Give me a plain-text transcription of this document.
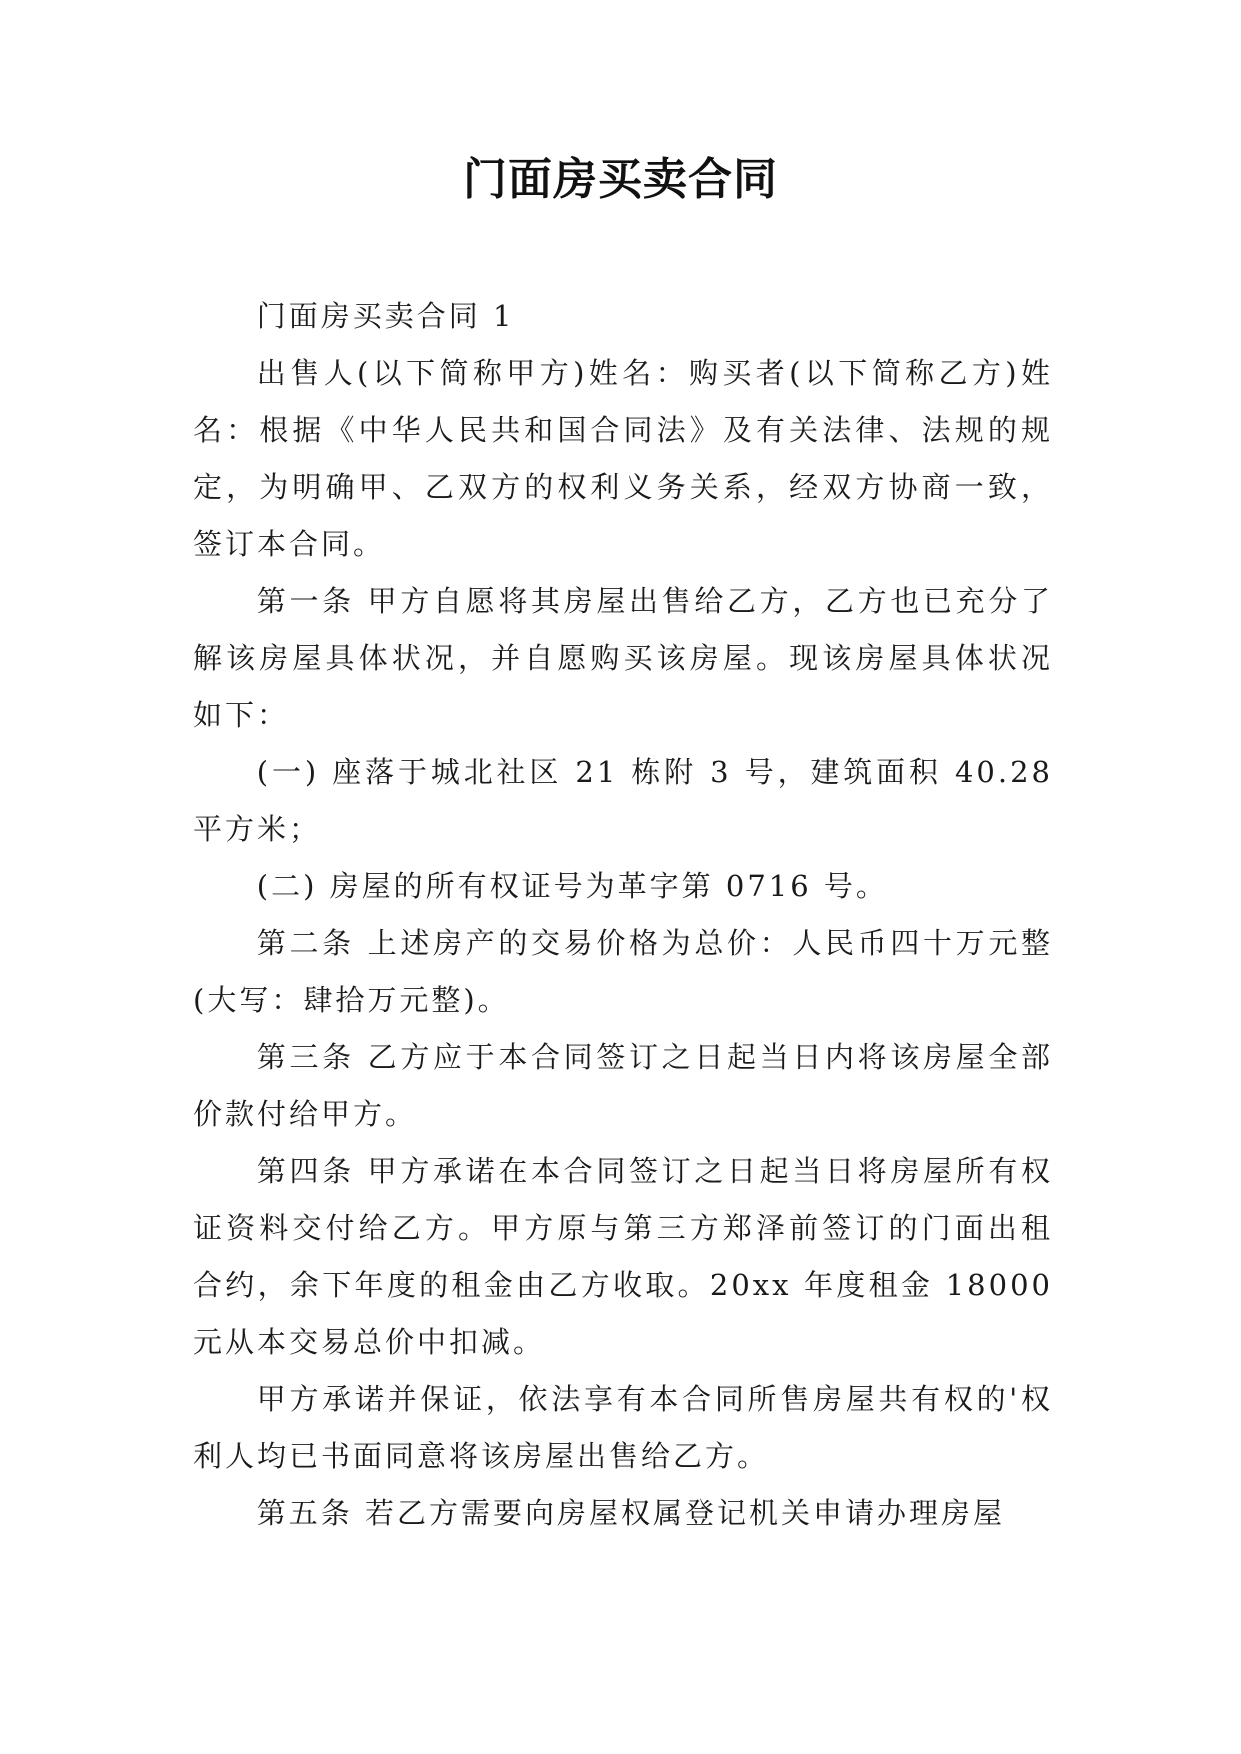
门面房买卖合同

门面房买卖合同 1

出售人(以下简称甲方)姓名：购买者(以下简称乙方)姓名：根据《中华人民共和国合同法》及有关法律、法规的规定，为明确甲、乙双方的权利义务关系，经双方协商一致，签订本合同。

第一条 甲方自愿将其房屋出售给乙方，乙方也已充分了解该房屋具体状况，并自愿购买该房屋。现该房屋具体状况如下：

(一) 座落于城北社区 21 栋附 3 号，建筑面积 40.28 平方米；

(二) 房屋的所有权证号为革字第 0716 号。

第二条 上述房产的交易价格为总价：人民币四十万元整(大写：肆拾万元整)。

第三条 乙方应于本合同签订之日起当日内将该房屋全部价款付给甲方。

第四条 甲方承诺在本合同签订之日起当日将房屋所有权证资料交付给乙方。甲方原与第三方郑泽前签订的门面出租合约，余下年度的租金由乙方收取。20xx 年度租金 18000 元从本交易总价中扣减。

甲方承诺并保证，依法享有本合同所售房屋共有权的'权利人均已书面同意将该房屋出售给乙方。

第五条 若乙方需要向房屋权属登记机关申请办理房屋
